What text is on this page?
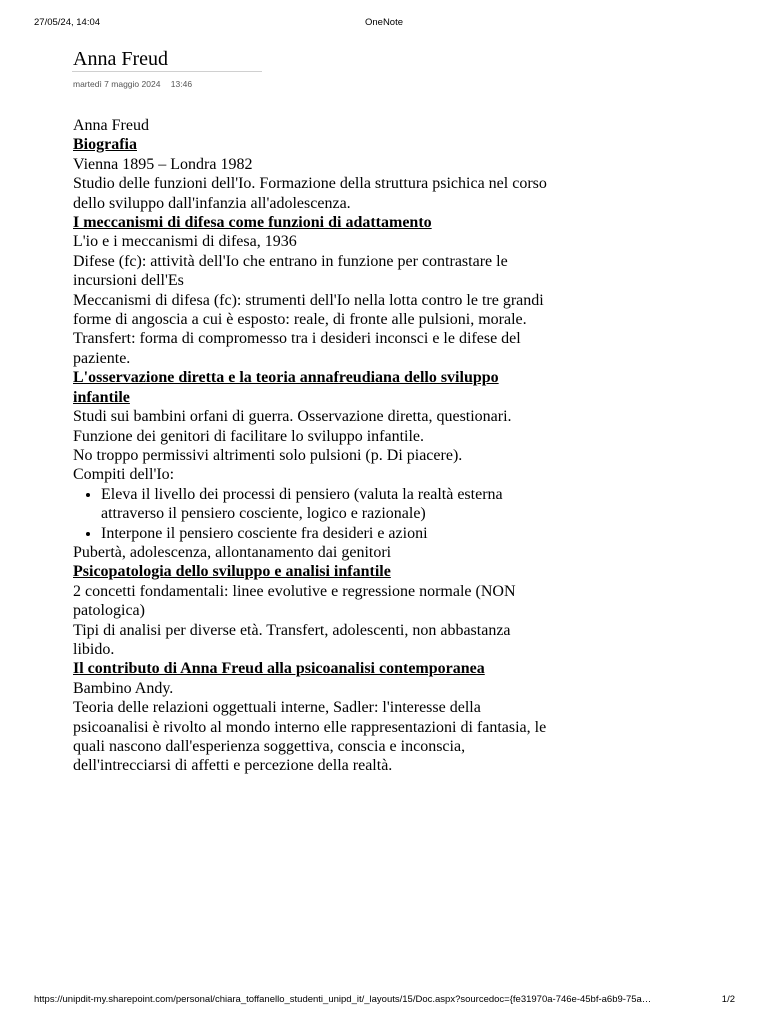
27/05/24, 14:04	OneNote
Anna Freud
martedì 7 maggio 2024 13:46

Anna Freud

Biografia

Vienna 1895 – Londra 1982

Studio delle funzioni dell'Io. Formazione della struttura psichica nel corso dello sviluppo dall'infanzia all'adolescenza.

I meccanismi di difesa come funzioni di adattamento

L'io e i meccanismi di difesa, 1936

Difese (fc): attività dell'Io che entrano in funzione per contrastare le incursioni dell'Es

Meccanismi di difesa (fc): strumenti dell'Io nella lotta contro le tre grandi forme di angoscia a cui è esposto: reale, di fronte alle pulsioni, morale.

Transfert: forma di compromesso tra i desideri inconsci e le difese del paziente.

L'osservazione diretta e la teoria annafreudiana dello sviluppo infantile

Studi sui bambini orfani di guerra. Osservazione diretta, questionari.

Funzione dei genitori di facilitare lo sviluppo infantile.

No troppo permissivi altrimenti solo pulsioni (p. Di piacere).

Compiti dell'Io:

• Eleva il livello dei processi di pensiero (valuta la realtà esterna attraverso il pensiero cosciente, logico e razionale)
• Interpone il pensiero cosciente fra desideri e azioni

Pubertà, adolescenza, allontanamento dai genitori

Psicopatologia dello sviluppo e analisi infantile

2 concetti fondamentali: linee evolutive e regressione normale (NON patologica)

Tipi di analisi per diverse età. Transfert, adolescenti, non abbastanza libido.

Il contributo di Anna Freud alla psicoanalisi contemporanea

Bambino Andy.

Teoria delle relazioni oggettuali interne, Sadler: l'interesse della psicoanalisi è rivolto al mondo interno elle rappresentazioni di fantasia, le quali nascono dall'esperienza soggettiva, conscia e inconscia, dell'intrecciarsi di affetti e percezione della realtà.

https://unipdit-my.sharepoint.com/personal/chiara_toffanello_studenti_unipd_it/_layouts/15/Doc.aspx?sourcedoc={fe31970a-746e-45bf-a6b9-75a…	1/2
